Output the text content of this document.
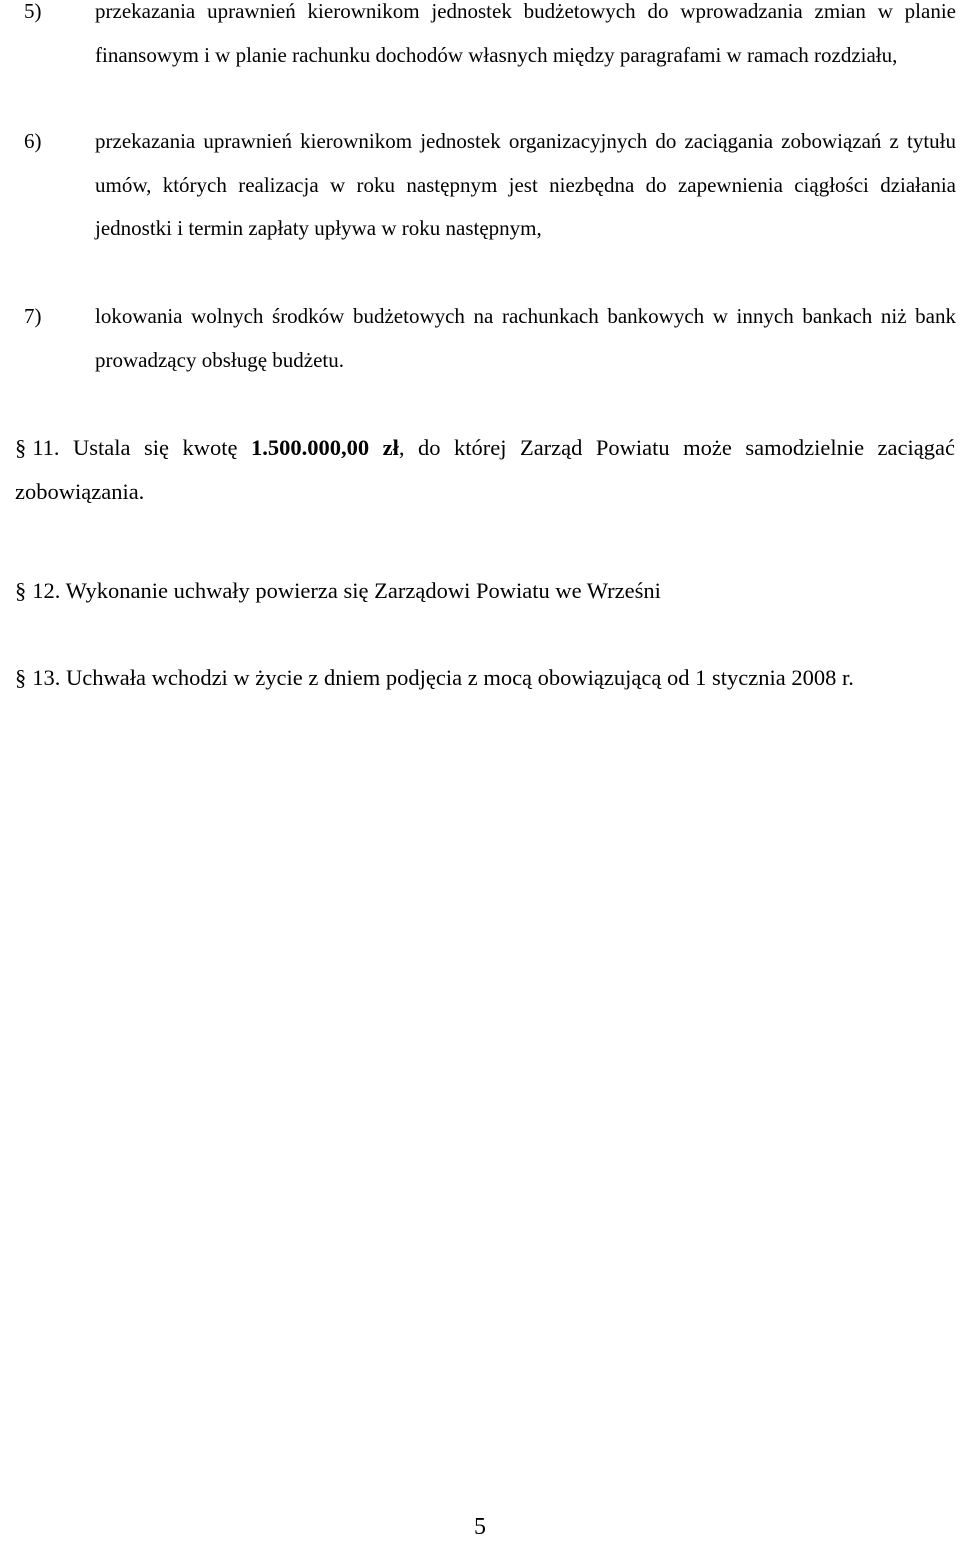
5)	przekazania uprawnień kierownikom jednostek budżetowych do wprowadzania zmian w planie finansowym i w planie rachunku dochodów własnych między paragrafami w ramach rozdziału,
6)	przekazania uprawnień kierownikom jednostek organizacyjnych do zaciągania zobowiązań z tytułu umów, których realizacja w roku następnym jest niezbędna do zapewnienia ciągłości działania jednostki i termin zapłaty upływa w roku następnym,
7)	lokowania wolnych środków budżetowych na rachunkach bankowych w innych bankach niż bank prowadzący obsługę budżetu.
§ 11. Ustala się kwotę 1.500.000,00 zł, do której Zarząd Powiatu może samodzielnie zaciągać zobowiązania.
§ 12. Wykonanie uchwały powierza się Zarządowi Powiatu we Wrześni
§ 13. Uchwała wchodzi w życie z dniem podjęcia z mocą obowiązującą od 1 stycznia 2008 r.
5
